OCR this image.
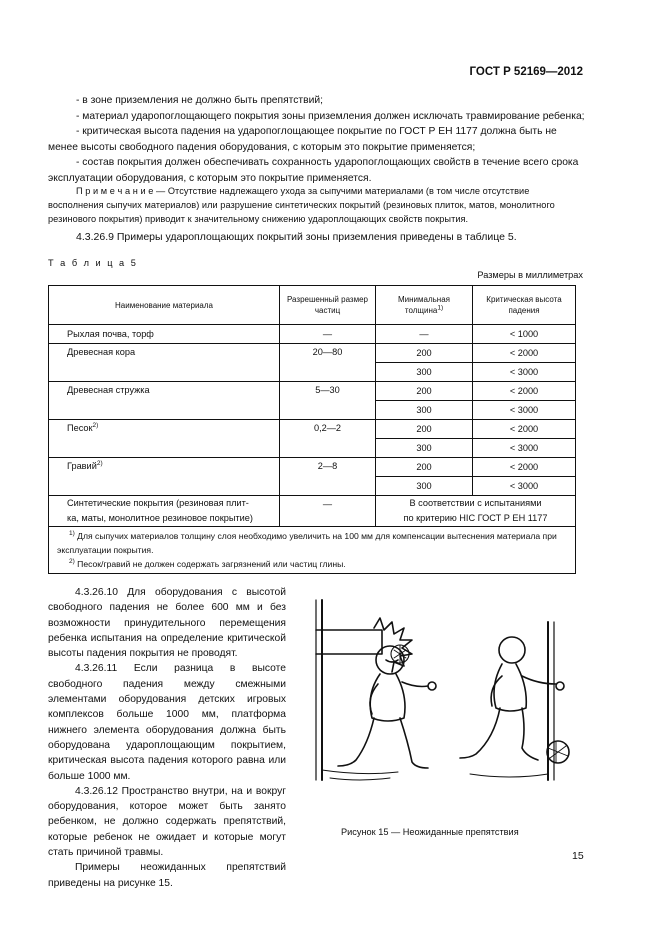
ГОСТ Р 52169—2012
- в зоне приземления не должно быть препятствий;
- материал ударопоглощающего покрытия зоны приземления должен исключать травмирование ребенка;
- критическая высота падения на ударопоглощающее покрытие по ГОСТ Р ЕН 1177 должна быть не менее высоты свободного падения оборудования, с которым это покрытие применяется;
- состав покрытия должен обеспечивать сохранность ударопоглощающих свойств в течение всего срока эксплуатации оборудования, с которым это покрытие применяется.
П р и м е ч а н и е — Отсутствие надлежащего ухода за сыпучими материалами (в том числе отсутствие восполнения сыпучих материалов) или разрушение синтетических покрытий (резиновых плиток, матов, монолитного резинового покрытия) приводит к значительному снижению удароплощающих свойств покрытия.
4.3.26.9 Примеры удароплощающих покрытий зоны приземления приведены в таблице 5.
Т а б л и ц а 5
Размеры в миллиметрах
Наименование материала	Разрешенный размер частиц	Минимальная толщина$^{1)}$	Критическая высота падения
Рыхлая почва, торф	—	—	< 1000
Древесная кора	20—80	200	< 2000
		300	< 3000
Древесная стружка	5—30	200	< 2000
		300	< 3000
Песок$^{2)}$	0,2—2	200	< 2000
		300	< 3000
Гравий$^{2)}$	2—8	200	< 2000
		300	< 3000
Синтетические покрытия (резиновая плит-
ка, маты, монолитное резиновое покрытие)	—	В соответствии с испытаниями
по критерию HIC ГОСТ Р ЕН 1177	

$^{1)}$ Для сыпучих материалов толщину слоя необходимо увеличить на 100 мм для компенсации вытеснения материала при эксплуатации покрытия.
$^{2)}$ Песок/гравий не должен содержать загрязнений или частиц глины.			

4.3.26.10 Для оборудования с высотой свободного падения не более 600 мм и без возможности принудительного перемещения ребенка испытания на определение критической высоты падения покрытия не проводят.

4.3.26.11 Если разница в высоте свободного падения между смежными элементами оборудования детских игровых комплексов больше 1000 мм, платформа нижнего элемента оборудования должна быть оборудована удароплощающим покрытием, критическая высота падения которого равна или больше 1000 мм.

4.3.26.12 Пространство внутри, на и вокруг оборудования, которое может быть занято ребенком, не должно содержать препятствий, которые ребенок не ожидает и которые могут стать причиной травмы.

Примеры неожиданных препятствий приведены на рисунке 15.

Рисунок 15 — Неожиданные препятствия
15
